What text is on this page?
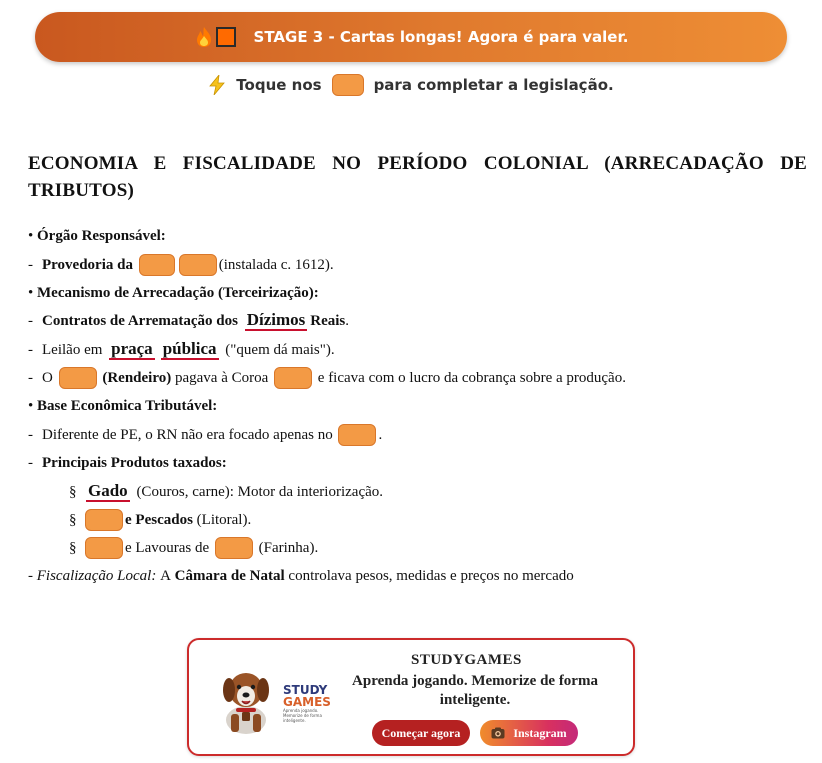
STAGE 3 - Cartas longas! Agora é para valer.
Toque nos	para completar a legislação.
ECONOMIA E FISCALIDADE NO PERÍODO COLONIAL (ARRECADAÇÃO DE TRIBUTOS)
•
Órgão Responsável:
- Provedoria da
	(instalada c. 1612).
•
Mecanismo de Arrecadação (Terceirização):
- Contratos de Arrematação dos
Dízimos Reais .
- Leilão em
praça pública
("quem dá mais").
- O

	(Rendeiro)
pagava à Coroa

	e ficava com o lucro da cobrança sobre a produção.
•
Base Econômica Tributável:
- Diferente de PE, o RN não era focado apenas no
	.
- Principais Produtos taxados:
§ Gado
(Couros, carne): Motor da interiorização.
§	e Pescados
(Litoral).
§	e Lavouras de

	(Farinha).
-
Fiscalização Local:
A
Câmara de Natal
controlava pesos, medidas e preços no mercado
STUDY
GAMES
Aprenda jogando. Memorize de forma inteligente.
STUDYGAMES
Aprenda jogando. Memorize de forma inteligente.
Começar agora	Instagram
